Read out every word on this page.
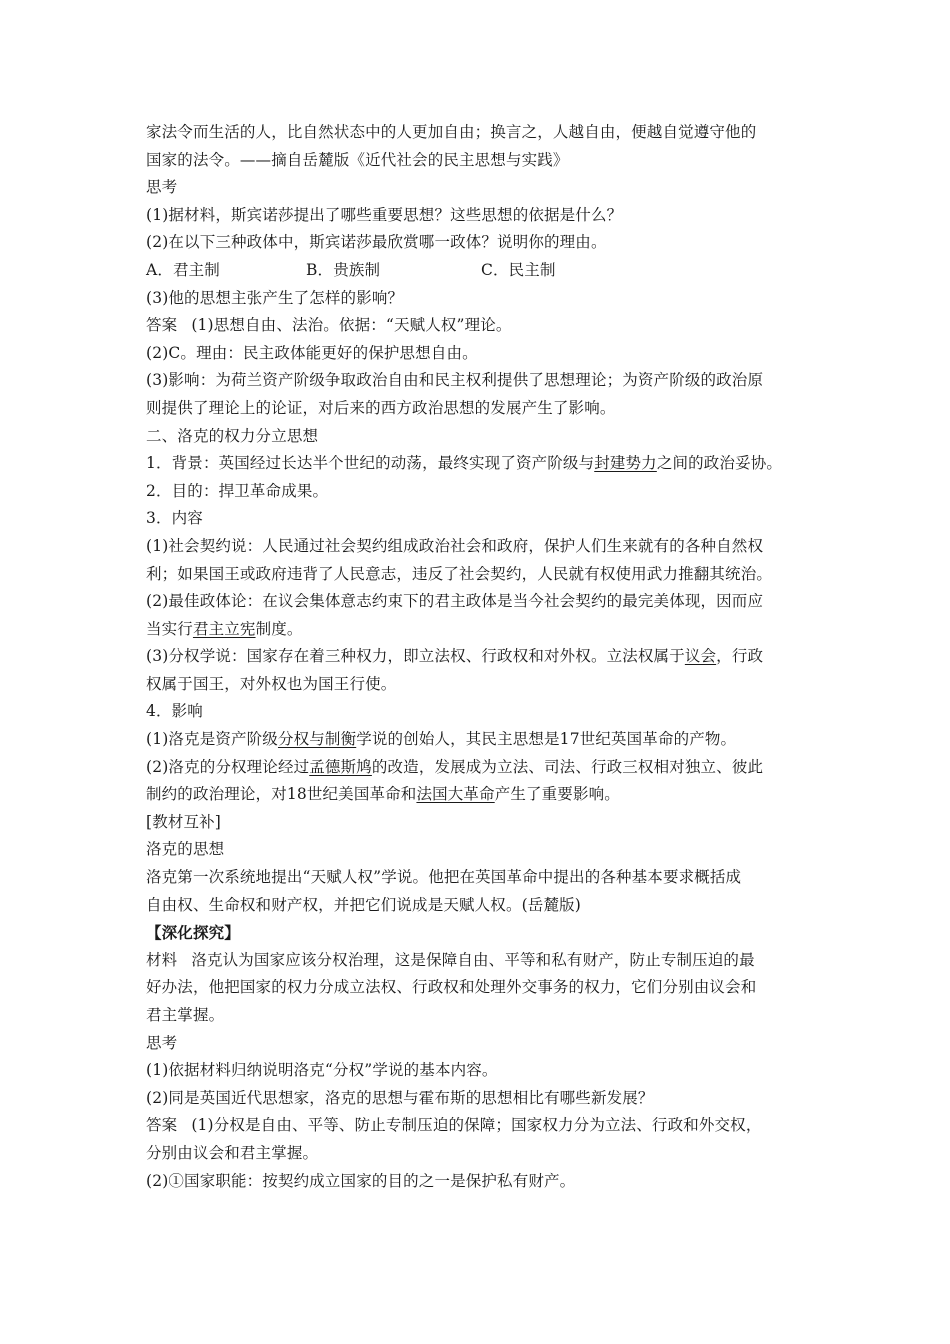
家法令而生活的人，比自然状态中的人更加自由；换言之，人越自由，便越自觉遵守他的
国家的法令。——摘自岳麓版《近代社会的民主思想与实践》
思考
(1)据材料，斯宾诺莎提出了哪些重要思想？这些思想的依据是什么？
(2)在以下三种政体中，斯宾诺莎最欣赏哪一政体？说明你的理由。
A．君主制	B．贵族制	C．民主制
(3)他的思想主张产生了怎样的影响？
答案 (1)思想自由、法治。依据：“天赋人权”理论。
(2)C。理由：民主政体能更好的保护思想自由。
(3)影响：为荷兰资产阶级争取政治自由和民主权利提供了思想理论；为资产阶级的政治原
则提供了理论上的论证，对后来的西方政治思想的发展产生了影响。
二、洛克的权力分立思想
1．背景：英国经过长达半个世纪的动荡，最终实现了资产阶级与封建势力之间的政治妥协。
2．目的：捍卫革命成果。
3．内容
(1)社会契约说：人民通过社会契约组成政治社会和政府，保护人们生来就有的各种自然权
利；如果国王或政府违背了人民意志，违反了社会契约，人民就有权使用武力推翻其统治。
(2)最佳政体论：在议会集体意志约束下的君主政体是当今社会契约的最完美体现，因而应
当实行君主立宪制度。
(3)分权学说：国家存在着三种权力，即立法权、行政权和对外权。立法权属于议会，行政
权属于国王，对外权也为国王行使。
4．影响
(1)洛克是资产阶级分权与制衡学说的创始人，其民主思想是17世纪英国革命的产物。
(2)洛克的分权理论经过孟德斯鸠的改造，发展成为立法、司法、行政三权相对独立、彼此
制约的政治理论，对18世纪美国革命和法国大革命产生了重要影响。
[教材互补]
洛克的思想
洛克第一次系统地提出“天赋人权”学说。他把在英国革命中提出的各种基本要求概括成
自由权、生命权和财产权，并把它们说成是天赋人权。(岳麓版)
【深化探究】
材料 洛克认为国家应该分权治理，这是保障自由、平等和私有财产，防止专制压迫的最
好办法，他把国家的权力分成立法权、行政权和处理外交事务的权力，它们分别由议会和
君主掌握。
思考
(1)依据材料归纳说明洛克“分权”学说的基本内容。
(2)同是英国近代思想家，洛克的思想与霍布斯的思想相比有哪些新发展？
答案 (1)分权是自由、平等、防止专制压迫的保障；国家权力分为立法、行政和外交权，
分别由议会和君主掌握。
(2)①国家职能：按契约成立国家的目的之一是保护私有财产。
